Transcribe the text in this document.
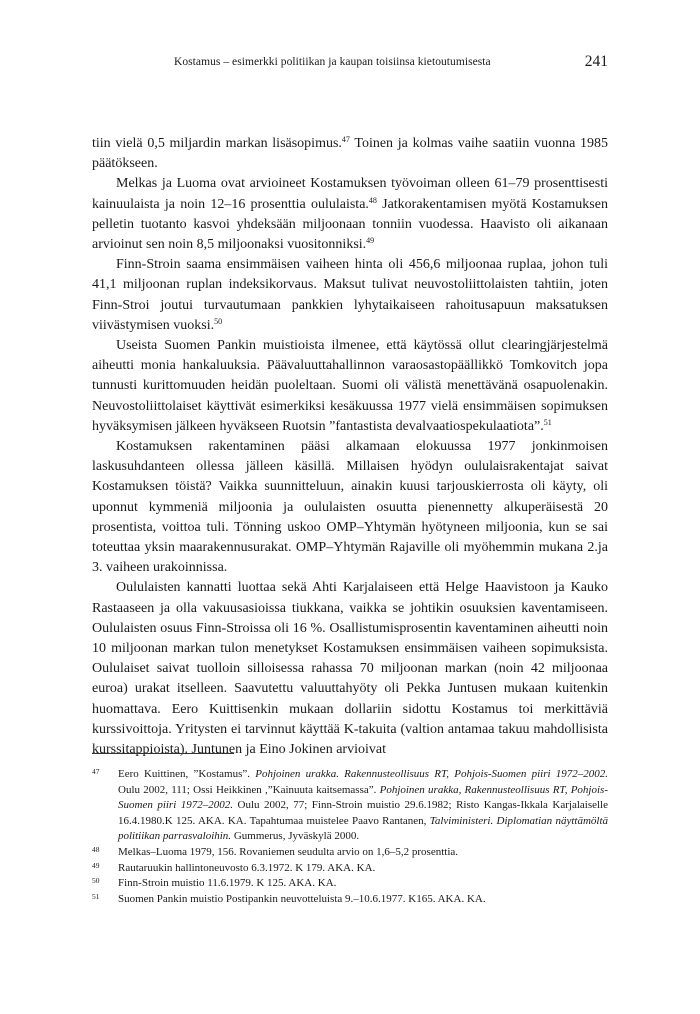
Kostamus – esimerkki politiikan ja kaupan toisiinsa kietoutumisesta	241

tiin vielä 0,5 miljardin markan lisäsopimus.$^{47}$ Toinen ja kolmas vaihe saatiin vuonna 1985 päätökseen.

Melkas ja Luoma ovat arvioineet Kostamuksen työvoiman olleen 61–79 prosenttisesti kainuulaista ja noin 12–16 prosenttia oululaista.$^{48}$ Jatkorakentamisen myötä Kostamuksen pelletin tuotanto kasvoi yhdeksään miljoonaan tonniin vuodessa. Haavisto oli aikanaan arvioinut sen noin 8,5 miljoonaksi vuositonniksi.$^{49}$

Finn-Stroin saama ensimmäisen vaiheen hinta oli 456,6 miljoonaa ruplaa, johon tuli 41,1 miljoonan ruplan indeksikorvaus. Maksut tulivat neuvostoliittolaisten tahtiin, joten Finn-Stroi joutui turvautumaan pankkien lyhytaikaiseen rahoitusapuun maksatuksen viivästymisen vuoksi.$^{50}$

Useista Suomen Pankin muistioista ilmenee, että käytössä ollut clearingjärjestelmä aiheutti monia hankaluuksia. Päävaluuttahallinnon varaosastopäällikkö Tomkovitch jopa tunnusti kurittomuuden heidän puoleltaan. Suomi oli välistä menettävänä osapuolenakin. Neuvostoliittolaiset käyttivät esimerkiksi kesäkuussa 1977 vielä ensimmäisen sopimuksen hyväksymisen jälkeen hyväkseen Ruotsin ”fantastista devalvaatiospekulaatiota”.$^{51}$

Kostamuksen rakentaminen pääsi alkamaan elokuussa 1977 jonkinmoisen laskusuhdanteen ollessa jälleen käsillä. Millaisen hyödyn oululaisrakentajat saivat Kostamuksen töistä? Vaikka suunnitteluun, ainakin kuusi tarjouskierrosta oli käyty, oli uponnut kymmeniä miljoonia ja oululaisten osuutta pienennetty alkuperäisestä 20 prosentista, voittoa tuli. Tönning uskoo OMP–Yhtymän hyötyneen miljoonia, kun se sai toteuttaa yksin maarakennusurakat. OMP–Yhtymän Rajaville oli myöhemmin mukana 2.ja 3. vaiheen urakoinnissa.

Oululaisten kannatti luottaa sekä Ahti Karjalaiseen että Helge Haavistoon ja Kauko Rastaaseen ja olla vakuusasioissa tiukkana, vaikka se johtikin osuuksien kaventamiseen. Oululaisten osuus Finn-Stroissa oli 16 %. Osallistumisprosentin kaventaminen aiheutti noin 10 miljoonan markan tulon menetykset Kostamuksen ensimmäisen vaiheen sopimuksista. Oululaiset saivat tuolloin silloisessa rahassa 70 miljoonan markan (noin 42 miljoonaa euroa) urakat itselleen. Saavutettu valuuttahyöty oli Pekka Juntusen mukaan kuitenkin huomattava. Eero Kuittisenkin mukaan dollariin sidottu Kostamus toi merkittäviä kurssivoittoja. Yritysten ei tarvinnut käyttää K-takuita (valtion antamaa takuu mahdollisista kurssitappioista). Juntunen ja Eino Jokinen arvioivat

47 Eero Kuittinen, ”Kostamus”. Pohjoinen urakka. Rakennusteollisuus RT, Pohjois-Suomen piiri 1972–2002. Oulu 2002, 111; Ossi Heikkinen ,”Kainuuta kaitsemassa”. Pohjoinen urakka, Rakennusteollisuus RT, Pohjois-Suomen piiri 1972–2002. Oulu 2002, 77; Finn-Stroin muistio 29.6.1982; Risto Kangas-Ikkala Karjalaiselle 16.4.1980.K 125. AKA. KA. Tapahtumaa muistelee Paavo Rantanen, Talviministeri. Diplomatian näyttämöltä politiikan parrasvaloihin. Gummerus, Jyväskylä 2000.

48 Melkas–Luoma 1979, 156. Rovaniemen seudulta arvio on 1,6–5,2 prosenttia.

49 Rautaruukin hallintoneuvosto 6.3.1972. K 179. AKA. KA.

50 Finn-Stroin muistio 11.6.1979. K 125. AKA. KA.

51 Suomen Pankin muistio Postipankin neuvotteluista 9.–10.6.1977. K165. AKA. KA.
